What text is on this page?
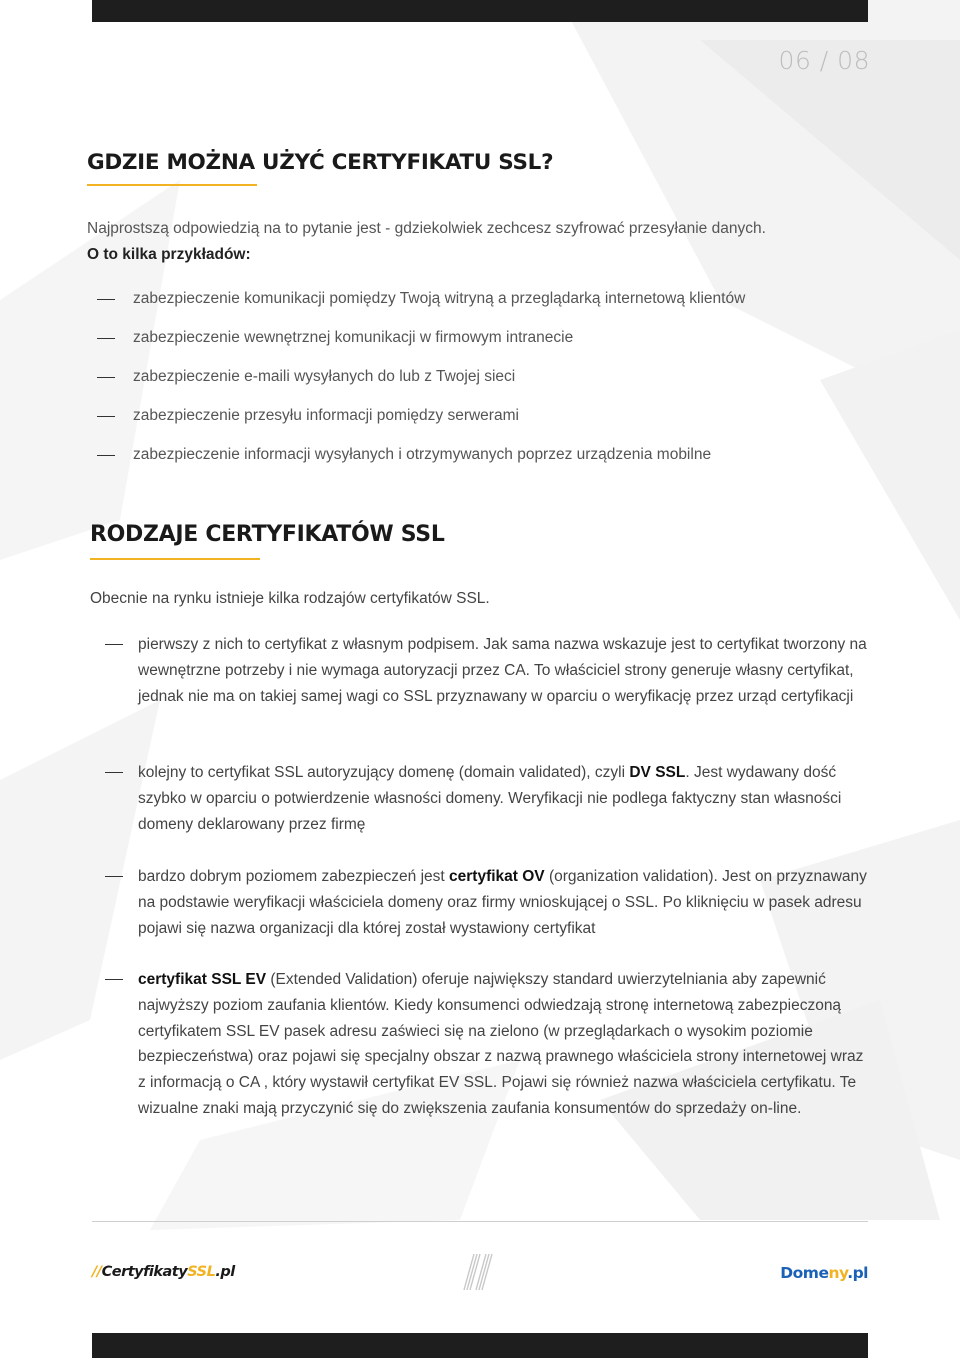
06 / 08
GDZIE MOŻNA UŻYĆ CERTYFIKATU SSL?
Najprostszą odpowiedzią na to pytanie jest - gdziekolwiek zechcesz szyfrować przesyłanie danych.
O to kilka przykładów:
zabezpieczenie komunikacji pomiędzy Twoją witryną a przeglądarką internetową klientów
zabezpieczenie wewnętrznej komunikacji w firmowym intranecie
zabezpieczenie e-maili wysyłanych do lub z Twojej sieci
zabezpieczenie przesyłu informacji pomiędzy serwerami
zabezpieczenie informacji wysyłanych i otrzymywanych poprzez urządzenia mobilne
RODZAJE CERTYFIKATÓW SSL
Obecnie na rynku istnieje kilka rodzajów certyfikatów SSL.
pierwszy z nich to certyfikat z własnym podpisem. Jak sama nazwa wskazuje jest to certyfikat tworzony na wewnętrzne potrzeby i nie wymaga autoryzacji przez CA. To właściciel strony generuje własny certyfikat, jednak nie ma on takiej samej wagi co SSL przyznawany w oparciu o weryfikację przez urząd certyfikacji
kolejny to certyfikat SSL autoryzujący domenę (domain validated), czyli DV SSL. Jest wydawany dość szybko w oparciu o potwierdzenie własności domeny. Weryfikacji nie podlega faktyczny stan własności domeny deklarowany przez firmę
bardzo dobrym poziomem zabezpieczeń jest certyfikat OV (organization validation). Jest on przyznawany na podstawie weryfikacji właściciela domeny oraz firmy wnioskującej o SSL. Po kliknięciu w pasek adresu pojawi się nazwa organizacji dla której został wystawiony certyfikat
certyfikat SSL EV (Extended Validation) oferuje największy standard uwierzytelniania aby zapewnić najwyższy poziom zaufania klientów. Kiedy konsumenci odwiedzają stronę internetową zabezpieczoną certyfikatem SSL EV pasek adresu zaświeci się na zielono (w przeglądarkach o wysokim poziomie bezpieczeństwa) oraz pojawi się specjalny obszar z nazwą prawnego właściciela strony internetowej wraz z informacją o CA , który wystawił certyfikat EV SSL. Pojawi się również nazwa właściciela certyfikatu. Te wizualne znaki mają przyczynić się do zwiększenia zaufania konsumentów do sprzedaży on-line.
//CertyfikatySSL.pl	Domeny.pl
